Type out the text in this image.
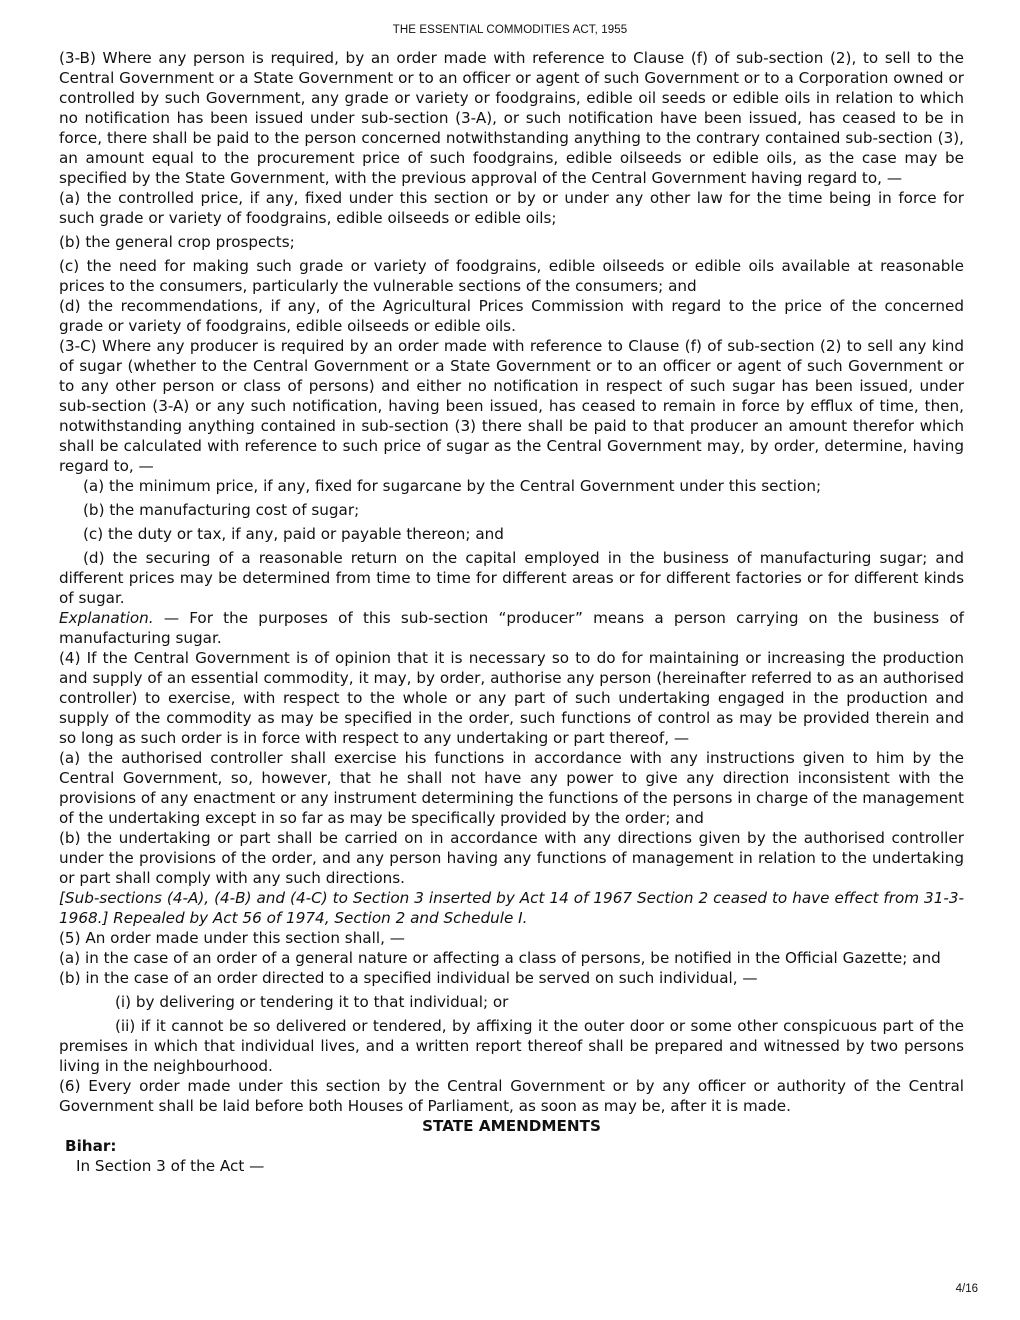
THE ESSENTIAL COMMODITIES ACT, 1955

(3-B) Where any person is required, by an order made with reference to Clause (f) of sub-section (2), to sell to the Central Government or a State Government or to an officer or agent of such Government or to a Corporation owned or controlled by such Government, any grade or variety or foodgrains, edible oil seeds or edible oils in relation to which no notification has been issued under sub-section (3-A), or such notification have been issued, has ceased to be in force, there shall be paid to the person concerned notwithstanding anything to the contrary contained sub-section (3), an amount equal to the procurement price of such foodgrains, edible oilseeds or edible oils, as the case may be specified by the State Government, with the previous approval of the Central Government having regard to, —

(a) the controlled price, if any, fixed under this section or by or under any other law for the time being in force for such grade or variety of foodgrains, edible oilseeds or edible oils;

(b) the general crop prospects;

(c) the need for making such grade or variety of foodgrains, edible oilseeds or edible oils available at reasonable prices to the consumers, particularly the vulnerable sections of the consumers; and

(d) the recommendations, if any, of the Agricultural Prices Commission with regard to the price of the concerned grade or variety of foodgrains, edible oilseeds or edible oils.

(3-C) Where any producer is required by an order made with reference to Clause (f) of sub-section (2) to sell any kind of sugar (whether to the Central Government or a State Government or to an officer or agent of such Government or to any other person or class of persons) and either no notification in respect of such sugar has been issued, under sub-section (3-A) or any such notification, having been issued, has ceased to remain in force by efflux of time, then, notwithstanding anything contained in sub-section (3) there shall be paid to that producer an amount therefor which shall be calculated with reference to such price of sugar as the Central Government may, by order, determine, having regard to, —

(a) the minimum price, if any, fixed for sugarcane by the Central Government under this section;

(b) the manufacturing cost of sugar;

(c) the duty or tax, if any, paid or payable thereon; and

(d) the securing of a reasonable return on the capital employed in the business of manufacturing sugar; and different prices may be determined from time to time for different areas or for different factories or for different kinds of sugar.

Explanation. — For the purposes of this sub-section “producer” means a person carrying on the business of manufacturing sugar.

(4) If the Central Government is of opinion that it is necessary so to do for maintaining or increasing the production and supply of an essential commodity, it may, by order, authorise any person (hereinafter referred to as an authorised controller) to exercise, with respect to the whole or any part of such undertaking engaged in the production and supply of the commodity as may be specified in the order, such functions of control as may be provided therein and so long as such order is in force with respect to any undertaking or part thereof, —

(a) the authorised controller shall exercise his functions in accordance with any instructions given to him by the Central Government, so, however, that he shall not have any power to give any direction inconsistent with the provisions of any enactment or any instrument determining the functions of the persons in charge of the management of the undertaking except in so far as may be specifically provided by the order; and

(b) the undertaking or part shall be carried on in accordance with any directions given by the authorised controller under the provisions of the order, and any person having any functions of management in relation to the undertaking or part shall comply with any such directions.

[Sub-sections (4-A), (4-B) and (4-C) to Section 3 inserted by Act 14 of 1967 Section 2 ceased to have effect from 31-3-1968.] Repealed by Act 56 of 1974, Section 2 and Schedule I.

(5) An order made under this section shall, —

(a) in the case of an order of a general nature or affecting a class of persons, be notified in the Official Gazette; and

(b) in the case of an order directed to a specified individual be served on such individual, —

(i) by delivering or tendering it to that individual; or

(ii) if it cannot be so delivered or tendered, by affixing it the outer door or some other conspicuous part of the premises in which that individual lives, and a written report thereof shall be prepared and witnessed by two persons living in the neighbourhood.

(6) Every order made under this section by the Central Government or by any officer or authority of the Central Government shall be laid before both Houses of Parliament, as soon as may be, after it is made.

STATE AMENDMENTS

Bihar:

In Section 3 of the Act —

4/16
